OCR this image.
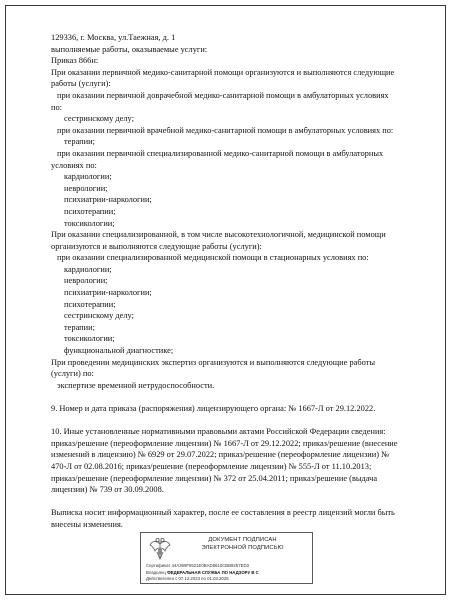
129336, г. Москва, ул.Таежная, д. 1
выполняемые работы, оказываемые услуги:
Приказ 866н:
При оказании первичной медико-санитарной помощи организуются и выполняются следующие
работы (услуги):
при оказании первичной доврачебной медико-санитарной помощи в амбулаторных условиях
по:
сестринскому делу;
при оказании первичной врачебной медико-санитарной помощи в амбулаторных условиях по:
терапии;
при оказании первичной специализированной медико-санитарной помощи в амбулаторных
условиях по:
кардиологии;
неврологии;
психиатрии-наркологии;
психотерапии;
токсикологии;
При оказании специализированной, в том числе высокотехнологичной, медицинской помощи
организуются и выполняются следующие работы (услуги):
при оказании специализированной медицинской помощи в стационарных условиях по:
кардиологии;
неврологии;
психиатрии-наркологии;
психотерапии;
сестринскому делу;
терапии;
токсикологии;
функциональной диагностике;
При проведении медицинских экспертиз организуются и выполняются следующие работы
(услуги) по:
экспертизе временной нетрудоспособности.
9. Номер и дата приказа (распоряжения) лицензирующего органа: № 1667-Л от 29.12.2022.
10. Иные установленные нормативными правовыми актами Российской Федерации сведения:
приказ/решение (переоформление лицензии) № 1667-Л от 29.12.2022; приказ/решение (внесение
изменений в лицензию) № 6929 от 29.07.2022; приказ/решение (переоформление лицензии) №
470-Л от 02.08.2016; приказ/решение (переоформление лицензии) № 555-Л от 11.10.2013;
приказ/решение (переоформление лицензии) № 372 от 25.04.2011; приказ/решение (выдача
лицензии) № 739 от 30.09.2008.
Выписка носит информационный характер, после ее составления в реестр лицензий могли быть
внесены изменения.
ДОКУМЕНТ ПОДПИСАН
ЭЛЕКТРОННОЙ ПОДПИСЬЮ
Сертификат 44A369F5521E0BAD8610CBB8257ED3
Владелец ФЕДЕРАЛЬНАЯ СЛУЖБА ПО НАДЗОРУ В С
Действителен с 07.12.2023 по 01.03.2025
